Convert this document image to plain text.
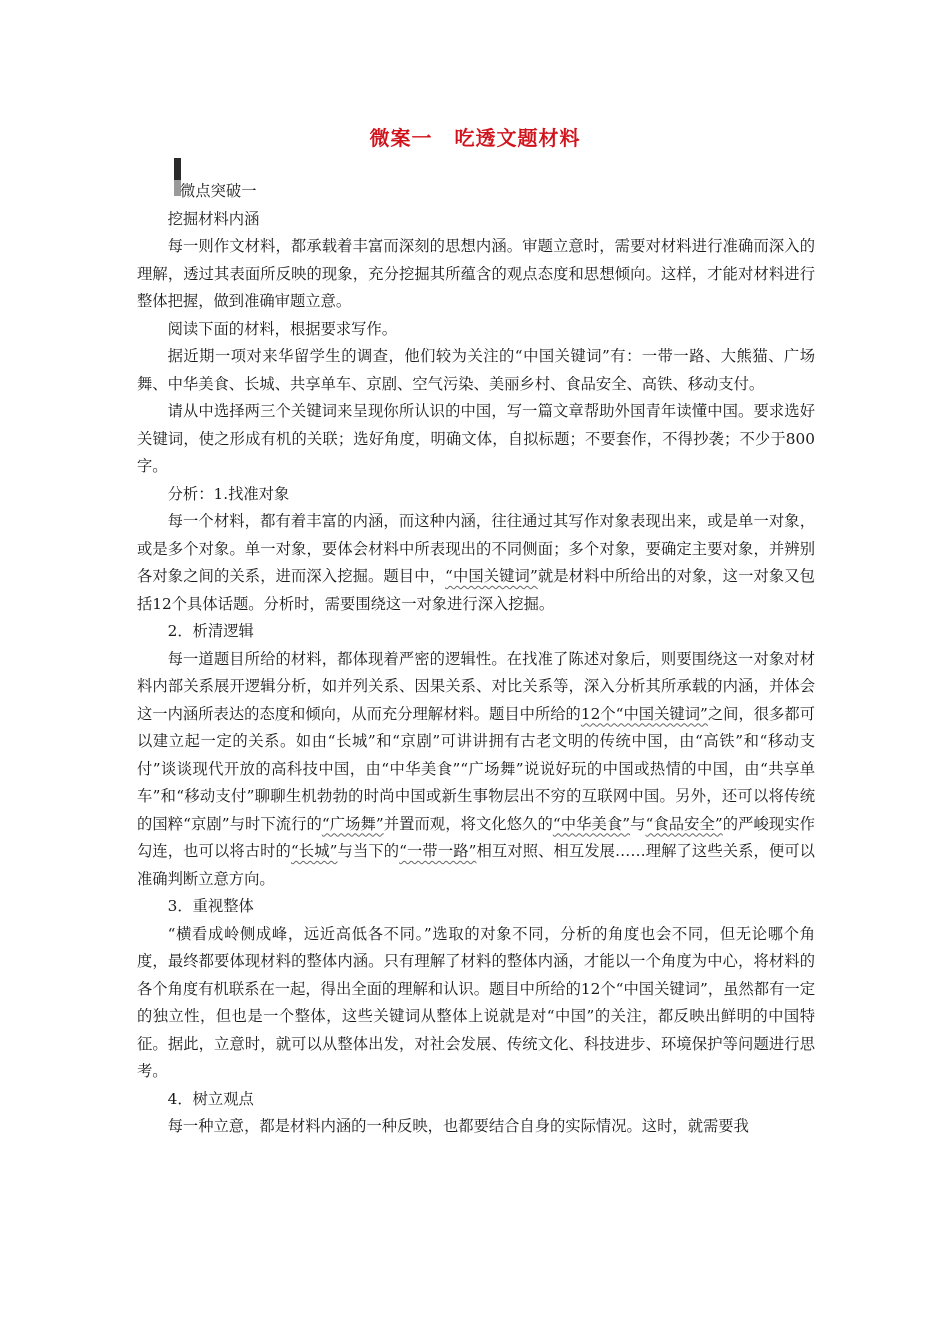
微案一 吃透文题材料

微点突破一

挖掘材料内涵

每一则作文材料，都承载着丰富而深刻的思想内涵。审题立意时，需要对材料进行准确而深入的理解，透过其表面所反映的现象，充分挖掘其所蕴含的观点态度和思想倾向。这样，才能对材料进行整体把握，做到准确审题立意。

阅读下面的材料，根据要求写作。

据近期一项对来华留学生的调查，他们较为关注的“中国关键词”有：一带一路、大熊猫、广场舞、中华美食、长城、共享单车、京剧、空气污染、美丽乡村、食品安全、高铁、移动支付。

请从中选择两三个关键词来呈现你所认识的中国，写一篇文章帮助外国青年读懂中国。要求选好关键词，使之形成有机的关联；选好角度，明确文体，自拟标题；不要套作，不得抄袭；不少于800字。

分析：1.找准对象

每一个材料，都有着丰富的内涵，而这种内涵，往往通过其写作对象表现出来，或是单一对象，或是多个对象。单一对象，要体会材料中所表现出的不同侧面；多个对象，要确定主要对象，并辨别各对象之间的关系，进而深入挖掘。题目中，“中国关键词”就是材料中所给出的对象，这一对象又包括12个具体话题。分析时，需要围绕这一对象进行深入挖掘。

2．析清逻辑

每一道题目所给的材料，都体现着严密的逻辑性。在找准了陈述对象后，则要围绕这一对象对材料内部关系展开逻辑分析，如并列关系、因果关系、对比关系等，深入分析其所承载的内涵，并体会这一内涵所表达的态度和倾向，从而充分理解材料。题目中所给的12个“中国关键词”之间，很多都可以建立起一定的关系。如由“长城”和“京剧”可讲讲拥有古老文明的传统中国，由“高铁”和“移动支付”谈谈现代开放的高科技中国，由“中华美食”“广场舞”说说好玩的中国或热情的中国，由“共享单车”和“移动支付”聊聊生机勃勃的时尚中国或新生事物层出不穷的互联网中国。另外，还可以将传统的国粹“京剧”与时下流行的“广场舞”并置而观，将文化悠久的“中华美食”与“食品安全”的严峻现实作勾连，也可以将古时的“长城”与当下的“一带一路”相互对照、相互发展……理解了这些关系，便可以准确判断立意方向。

3．重视整体

“横看成岭侧成峰，远近高低各不同。”选取的对象不同，分析的角度也会不同，但无论哪个角度，最终都要体现材料的整体内涵。只有理解了材料的整体内涵，才能以一个角度为中心，将材料的各个角度有机联系在一起，得出全面的理解和认识。题目中所给的12个“中国关键词”，虽然都有一定的独立性，但也是一个整体，这些关键词从整体上说就是对“中国”的关注，都反映出鲜明的中国特征。据此，立意时，就可以从整体出发，对社会发展、传统文化、科技进步、环境保护等问题进行思考。

4．树立观点

每一种立意，都是材料内涵的一种反映，也都要结合自身的实际情况。这时，就需要我
